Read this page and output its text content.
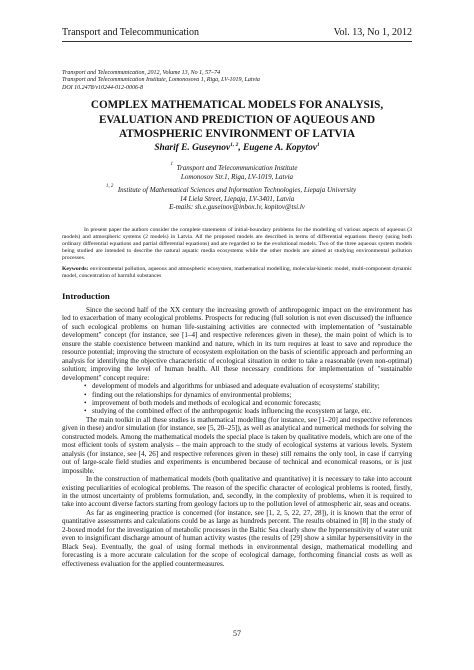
Transport and Telecommunication	Vol. 13, No 1, 2012
Transport and Telecommunication, 2012, Volume 13, No 1, 57–74
Transport and Telecommunication Institute, Lomonosova 1, Riga, LV-1019, Latvia
DOI 10.2478/v10244-012-0006-8
COMPLEX MATHEMATICAL MODELS FOR ANALYSIS,
EVALUATION AND PREDICTION OF AQUEOUS AND
ATMOSPHERIC ENVIRONMENT OF LATVIA
Sharif E. Guseynov$^{1, 2}$, Eugene A. Kopytov$^1$
1 Transport and Telecommunication Institute
Lomonosov Str.1, Riga, LV-1019, Latvia
1, 2 Institute of Mathematical Sciences and Information Technologies, Liepaja University
14 Liela Street, Liepaja, LV-3401, Latvia
E-mails: sh.e.guseinov@inbox.lv, kopitov@tsi.lv
In present paper the authors consider the complete statements of initial-boundary problems for the modelling of various aspects of aqueous (3 models) and atmospheric systems (2 models) in Latvia. All the proposed models are described in terms of differential equations theory (using both ordinary differential equations and partial differential equations) and are regarded to be the evolutional models. Two of the three aqueous system models being studied are intended to describe the natural aquatic media ecosystems while the other models are aimed at studying environmental pollution processes.
Keywords: environmental pollution, aqueous and atmospheric ecosystem, mathematical modelling, molecular-kinetic model, multi-component dynamic model, concentration of harmful substances
Introduction

Since the second half of the XX century the increasing growth of anthropogenic impact on the environment has led to exacerbation of many ecological problems. Prospects for reducing (full solution is not even discussed) the influence of such ecological problems on human life-sustaining activities are connected with implementation of "sustainable development" concept (for instance, see [1–4] and respective references given in these), the main point of which is to ensure the stable coexistence between mankind and nature, which in its turn requires at least to save and reproduce the resource potential; improving the structure of ecosystem exploitation on the basis of scientific approach and performing an analysis for identifying the objective characteristic of ecological situation in order to take a reasonable (even non-optimal) solution; improving the level of human health. All these necessary conditions for implementation of "sustainable development" concept require:

• development of models and algorithms for unbiased and adequate evaluation of ecosystems' stability;
• finding out the relationships for dynamics of environmental problems;
• improvement of both models and methods of ecological and economic forecasts;
• studying of the combined effect of the anthropogenic loads influencing the ecosystem at large, etc.

The main toolkit in all these studies is mathematical modelling (for instance, see [1–20] and respective references given in these) and/or simulation (for instance, see [5, 20–25]), as well as analytical and numerical methods for solving the constructed models. Among the mathematical models the special place is taken by qualitative models, which are one of the most efficient tools of system analysis – the main approach to the study of ecological systems at various levels. System analysis (for instance, see [4, 26] and respective references given in these) still remains the only tool, in case if carrying out of large-scale field studies and experiments is encumbered because of technical and economical reasons, or is just impossible.

In the construction of mathematical models (both qualitative and quantitative) it is necessary to take into account existing peculiarities of ecological problems. The reason of the specific character of ecological problems is rooted, firstly, in the utmost uncertainty of problems formulation, and, secondly, in the complexity of problems, when it is required to take into account diverse factors starting from geology factors up to the pollution level of atmospheric air, seas and oceans.

As far as engineering practice is concerned (for instance, see [1, 2, 5, 22, 27, 28]), it is known that the error of quantitative assessments and calculations could be as large as hundreds percent. The results obtained in [8] in the study of 2-boxed model for the investigation of metabolic processes in the Baltic Sea clearly show the hypersensitivity of water unit even to insignificant discharge amount of human activity wastes (the results of [29] show a similar hypersensitivity in the Black Sea). Eventually, the goal of using formal methods in environmental design, mathematical modelling and forecasting is a more accurate calculation for the scope of ecological damage, forthcoming financial costs as well as effectiveness evaluation for the applied countermeasures.

57
